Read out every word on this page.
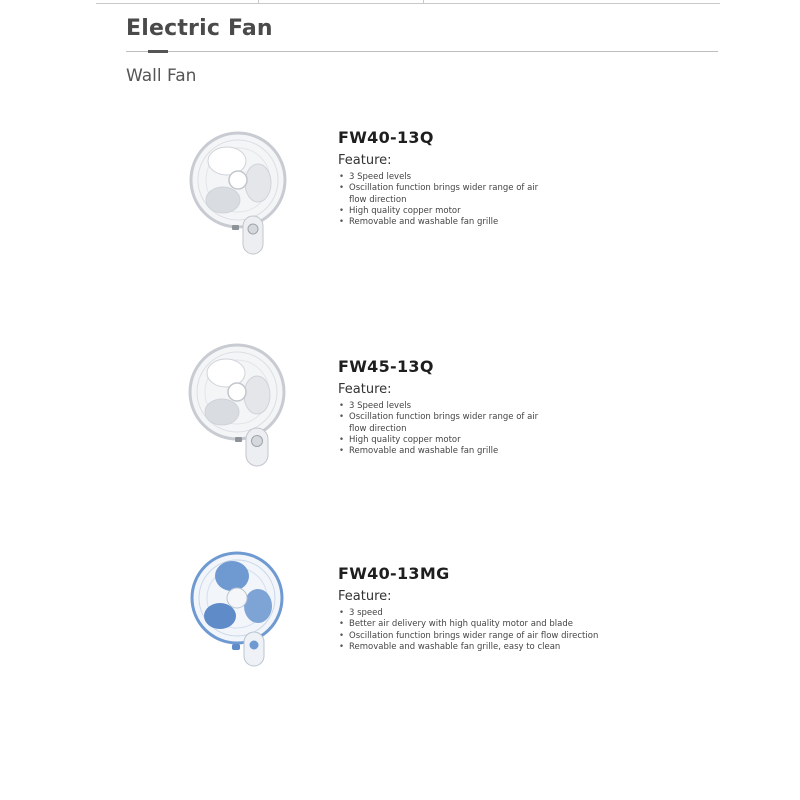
Electric Fan
Wall Fan
FW40-13Q
Feature:
• 3 Speed levels
• Oscillation function brings wider range of air flow direction
• High quality copper motor
• Removable and washable fan grille
FW45-13Q
Feature:
• 3 Speed levels
• Oscillation function brings wider range of air flow direction
• High quality copper motor
• Removable and washable fan grille
FW40-13MG
Feature:
• 3 speed
• Better air delivery with high quality motor and blade
• Oscillation function brings wider range of air flow direction
• Removable and washable fan grille, easy to clean
